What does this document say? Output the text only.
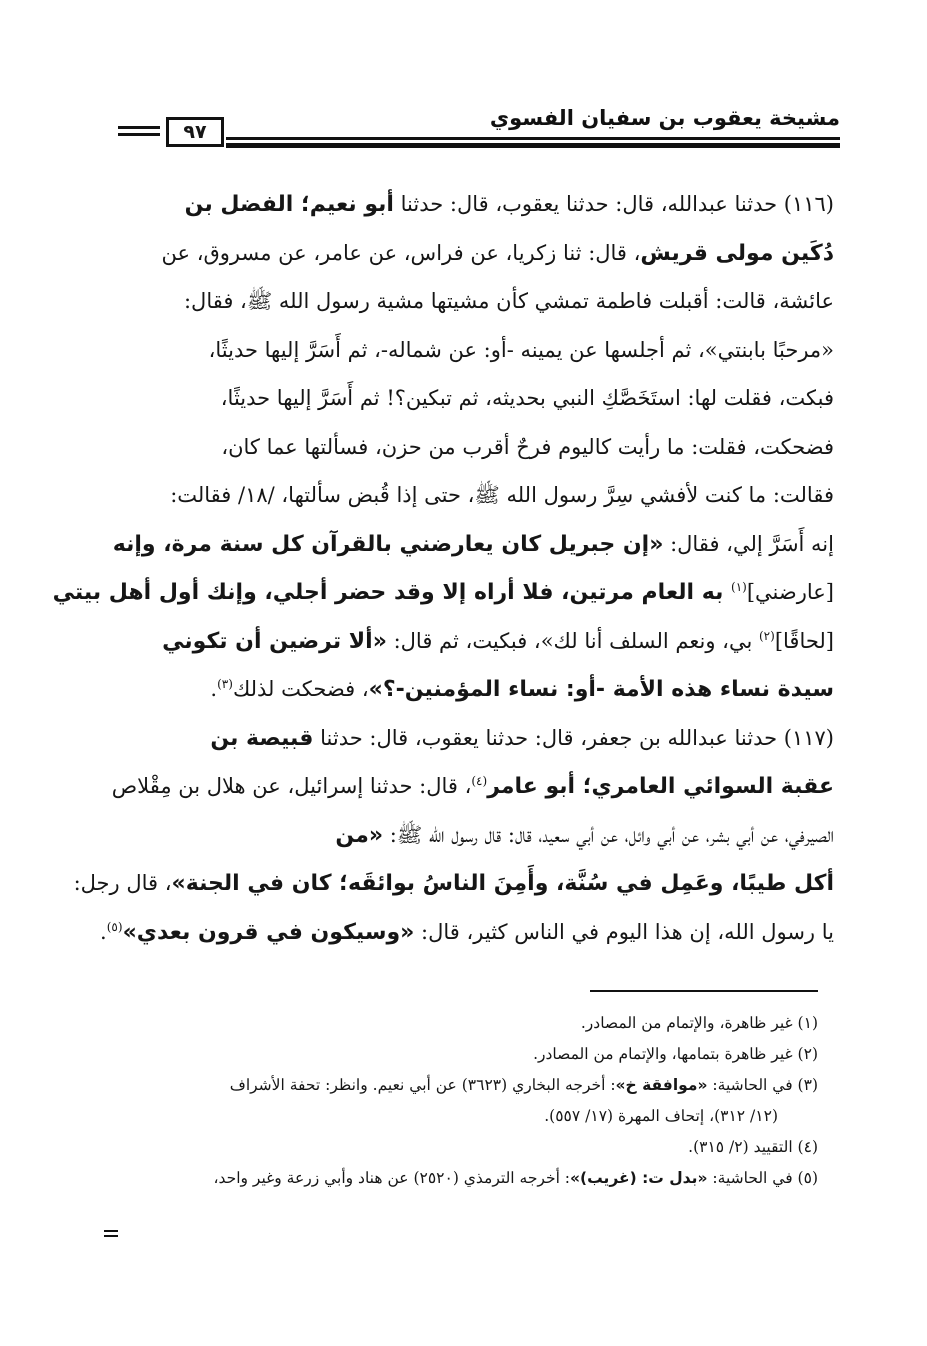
مشيخة يعقوب بن سفيان الفسوي
٩٧
(١١٦) حدثنا عبدالله، قال: حدثنا يعقوب، قال: حدثنا أبو نعيم؛ الفضل بن
دُكَين مولى قريش، قال: ثنا زكريا، عن فراس، عن عامر، عن مسروق، عن
عائشة، قالت: أقبلت فاطمة تمشي كأن مشيتها مشية رسول الله ﷺ، فقال:
«مرحبًا بابنتي»، ثم أجلسها عن يمينه -أو: عن شماله-، ثم أَسَرَّ إليها حديثًا،
فبكت، فقلت لها: استَخَصَّكِ النبي بحديثه، ثم تبكين؟! ثم أَسَرَّ إليها حديثًا،
فضحكت، فقلت: ما رأيت كاليوم فرحٌ أقرب من حزن، فسألتها عما كان،
فقالت: ما كنت لأفشي سِرَّ رسول الله ﷺ، حتى إذا قُبض سألتها، /١٨/ فقالت:
إنه أَسَرَّ إلي، فقال: «إن جبريل كان يعارضني بالقرآن كل سنة مرة، وإنه
[عارضني]$^{(١)}$ به العام مرتين، فلا أراه إلا وقد حضر أجلي، وإنك أول أهل بيتي
[لحاقًا]$^{(٢)}$ بي، ونعم السلف أنا لك»، فبكيت، ثم قال: «ألا ترضين أن تكوني
سيدة نساء هذه الأمة -أو: نساء المؤمنين-؟»، فضحكت لذلك$^{(٣)}$.
(١١٧) حدثنا عبدالله بن جعفر، قال: حدثنا يعقوب، قال: حدثنا قبيصة بن
عقبة السوائي العامري؛ أبو عامر$^{(٤)}$، قال: حدثنا إسرائيل، عن هلال بن مِقْلاص
الصيرفي، عن أبي بشر، عن أبي وائل، عن أبي سعيد، قال: قال رسول الله ﷺ: «من
أكل طيبًا، وعَمِل في سُنَّة، وأَمِنَ الناسُ بوائقَه؛ كان في الجنة»، قال رجل:
يا رسول الله، إن هذا اليوم في الناس كثير، قال: «وسيكون في قرون بعدي»$^{(٥)}$.
(١) غير ظاهرة، والإتمام من المصادر.
(٢) غير ظاهرة بتمامها، والإتمام من المصادر.
(٣) في الحاشية: «موافقة خ»: أخرجه البخاري (٣٦٢٣) عن أبي نعيم. وانظر: تحفة الأشراف
(١٢/ ٣١٢)، إتحاف المهرة (١٧/ ٥٥٧).
(٤) التقييد (٢/ ٣١٥).
(٥) في الحاشية: «بدل ت: (غريب)»: أخرجه الترمذي (٢٥٢٠) عن هناد وأبي زرعة وغير واحد،
